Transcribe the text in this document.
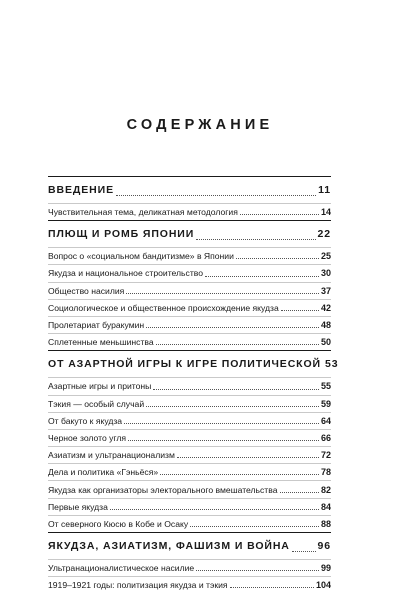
СОДЕРЖАНИЕ
ВВЕДЕНИЕ	11
Чувствительная тема, деликатная методология	14
ПЛЮЩ И РОМБ ЯПОНИИ	22
Вопрос о «социальном бандитизме» в Японии	25
Якудза и национальное строительство	30
Общество насилия	37
Социологическое и общественное происхождение якудза	42
Пролетариат буракумин	48
Сплетенные меньшинства	50
ОТ АЗАРТНОЙ ИГРЫ К ИГРЕ ПОЛИТИЧЕСКОЙ 53
Азартные игры и притоны	55
Тэкия — особый случай	59
От бакуто к якудза	64
Черное золото угля	66
Азиатизм и ультранационализм	72
Дела и политика «Гэньёся»	78
Якудза как организаторы электорального вмешательства	82
Первые якудза	84
От северного Кюсю в Кобе и Осаку	88
ЯКУДЗА, АЗИАТИЗМ, ФАШИЗМ И ВОЙНА	96
Ультранационалистическое насилие	99
1919–1921 годы: политизация якудза и тэкия	104
